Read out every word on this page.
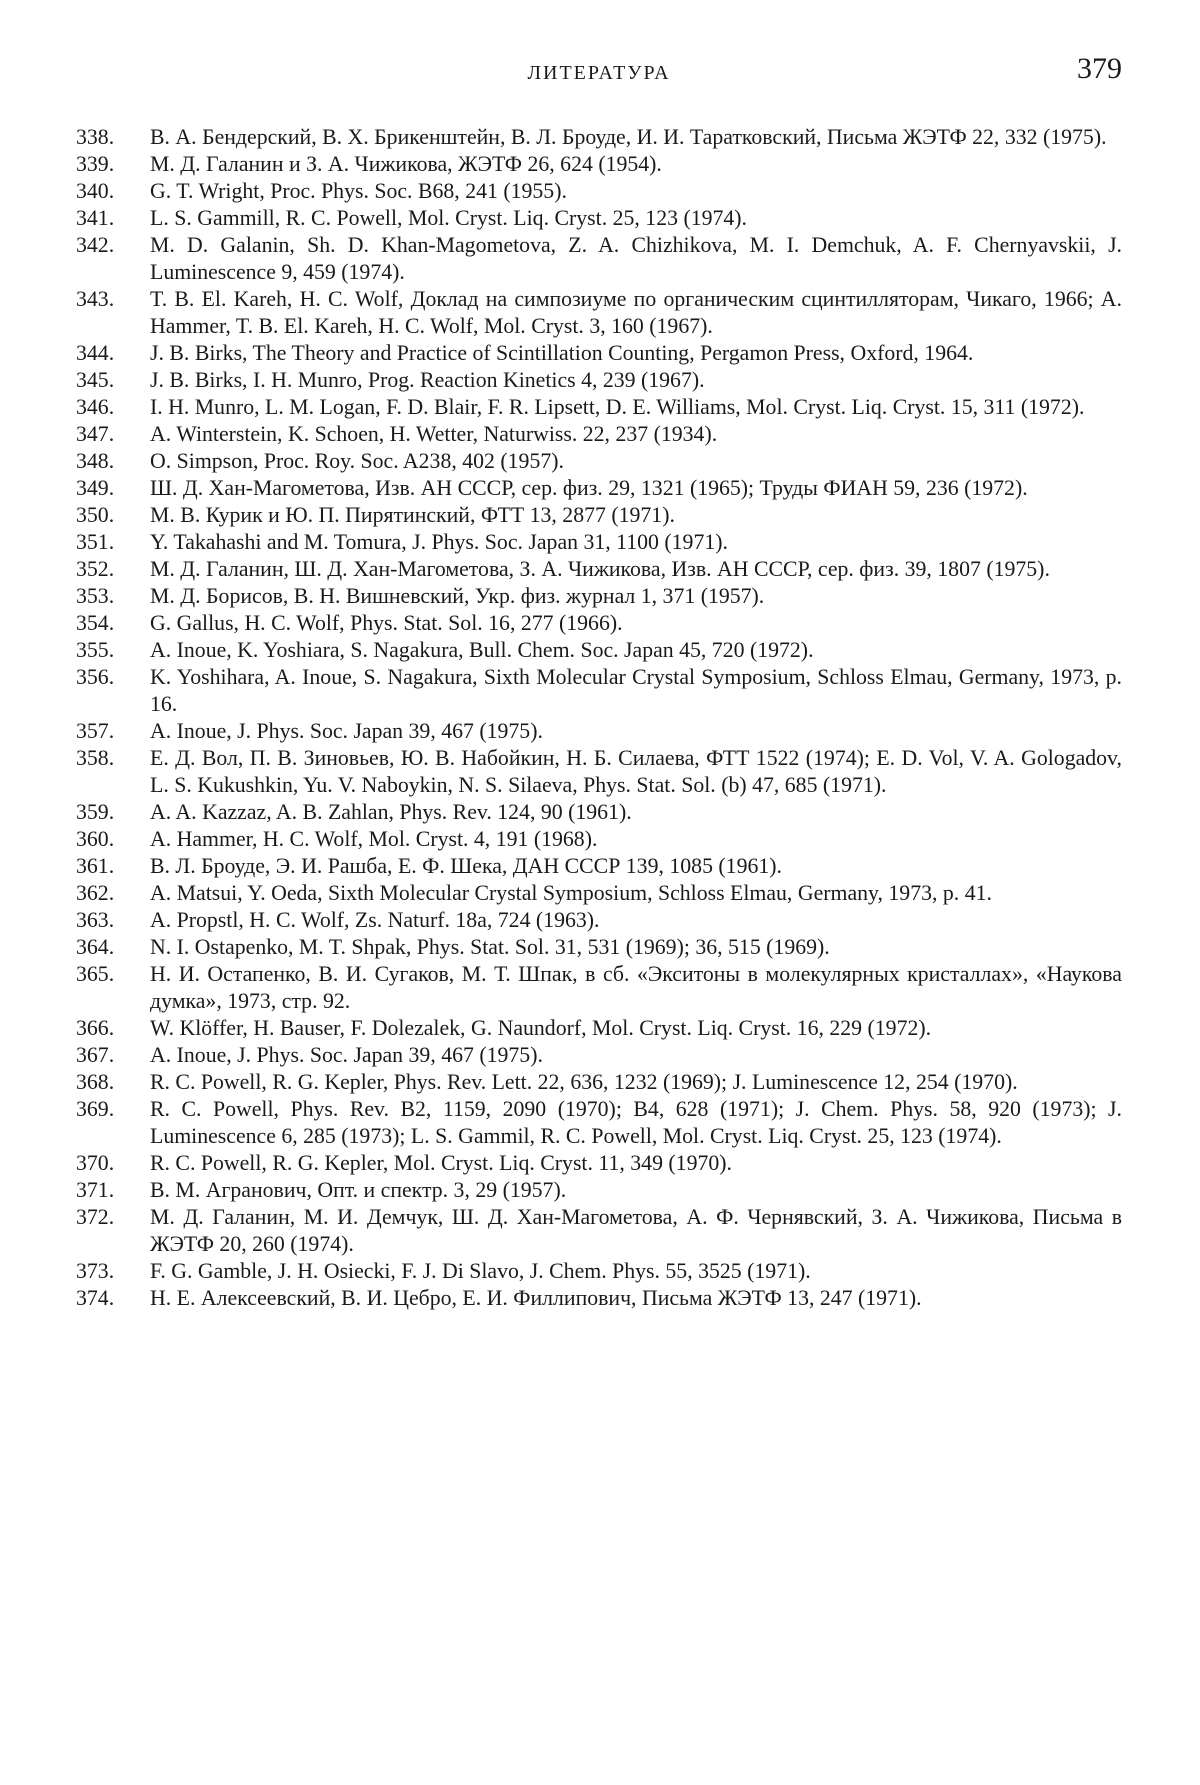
ЛИТЕРАТУРА	379
338.	В. А. Бендерский, В. Х. Брикенштейн, В. Л. Броуде, И. И. Таратковский, Письма ЖЭТФ 22, 332 (1975).
339.	М. Д. Галанин и З. А. Чижикова, ЖЭТФ 26, 624 (1954).
340.	G. T. Wright, Proc. Phys. Soc. B68, 241 (1955).
341.	L. S. Gammill, R. C. Powell, Mol. Cryst. Liq. Cryst. 25, 123 (1974).
342.	M. D. Galanin, Sh. D. Khan-Magometova, Z. A. Chizhikova, M. I. Demchuk, A. F. Chernyavskii, J. Luminescence 9, 459 (1974).
343.	T. B. El. Kareh, H. C. Wolf, Доклад на симпозиуме по органическим сцинтилляторам, Чикаго, 1966; A. Hammer, T. B. El. Kareh, H. C. Wolf, Mol. Cryst. 3, 160 (1967).
344.	J. B. Birks, The Theory and Practice of Scintillation Counting, Pergamon Press, Oxford, 1964.
345.	J. B. Birks, I. H. Munro, Prog. Reaction Kinetics 4, 239 (1967).
346.	I. H. Munro, L. M. Logan, F. D. Blair, F. R. Lipsett, D. E. Williams, Mol. Cryst. Liq. Cryst. 15, 311 (1972).
347.	A. Winterstein, K. Schoen, H. Wetter, Naturwiss. 22, 237 (1934).
348.	O. Simpson, Proc. Roy. Soc. A238, 402 (1957).
349.	Ш. Д. Хан-Магометова, Изв. АН СССР, сер. физ. 29, 1321 (1965); Труды ФИАН 59, 236 (1972).
350.	М. В. Курик и Ю. П. Пирятинский, ФТТ 13, 2877 (1971).
351.	Y. Takahashi and M. Tomura, J. Phys. Soc. Japan 31, 1100 (1971).
352.	М. Д. Галанин, Ш. Д. Хан-Магометова, З. А. Чижикова, Изв. АН СССР, сер. физ. 39, 1807 (1975).
353.	М. Д. Борисов, В. Н. Вишневский, Укр. физ. журнал 1, 371 (1957).
354.	G. Gallus, H. C. Wolf, Phys. Stat. Sol. 16, 277 (1966).
355.	A. Inoue, K. Yoshiara, S. Nagakura, Bull. Chem. Soc. Japan 45, 720 (1972).
356.	K. Yoshihara, A. Inoue, S. Nagakura, Sixth Molecular Crystal Symposium, Schloss Elmau, Germany, 1973, p. 16.
357.	A. Inoue, J. Phys. Soc. Japan 39, 467 (1975).
358.	Е. Д. Вол, П. В. Зиновьев, Ю. В. Набойкин, Н. Б. Силаева, ФТТ 1522 (1974); E. D. Vol, V. A. Gologadov, L. S. Kukushkin, Yu. V. Naboykin, N. S. Silaeva, Phys. Stat. Sol. (b) 47, 685 (1971).
359.	A. A. Kazzaz, A. B. Zahlan, Phys. Rev. 124, 90 (1961).
360.	A. Hammer, H. C. Wolf, Mol. Cryst. 4, 191 (1968).
361.	В. Л. Броуде, Э. И. Рашба, Е. Ф. Шека, ДАН СССР 139, 1085 (1961).
362.	A. Matsui, Y. Oeda, Sixth Molecular Crystal Symposium, Schloss Elmau, Germany, 1973, p. 41.
363.	A. Propstl, H. C. Wolf, Zs. Naturf. 18a, 724 (1963).
364.	N. I. Ostapenko, M. T. Shpak, Phys. Stat. Sol. 31, 531 (1969); 36, 515 (1969).
365.	Н. И. Остапенко, В. И. Сугаков, М. Т. Шпак, в сб. «Экситоны в молекулярных кристаллах», «Наукова думка», 1973, стр. 92.
366.	W. Klöffer, H. Bauser, F. Dolezalek, G. Naundorf, Mol. Cryst. Liq. Cryst. 16, 229 (1972).
367.	A. Inoue, J. Phys. Soc. Japan 39, 467 (1975).
368.	R. C. Powell, R. G. Kepler, Phys. Rev. Lett. 22, 636, 1232 (1969); J. Luminescence 12, 254 (1970).
369.	R. C. Powell, Phys. Rev. B2, 1159, 2090 (1970); B4, 628 (1971); J. Chem. Phys. 58, 920 (1973); J. Luminescence 6, 285 (1973); L. S. Gammil, R. C. Powell, Mol. Cryst. Liq. Cryst. 25, 123 (1974).
370.	R. C. Powell, R. G. Kepler, Mol. Cryst. Liq. Cryst. 11, 349 (1970).
371.	В. М. Агранович, Опт. и спектр. 3, 29 (1957).
372.	М. Д. Галанин, М. И. Демчук, Ш. Д. Хан-Магометова, А. Ф. Чернявский, З. А. Чижикова, Письма в ЖЭТФ 20, 260 (1974).
373.	F. G. Gamble, J. H. Osiecki, F. J. Di Slavo, J. Chem. Phys. 55, 3525 (1971).
374.	Н. Е. Алексеевский, В. И. Цебро, Е. И. Филлипович, Письма ЖЭТФ 13, 247 (1971).
